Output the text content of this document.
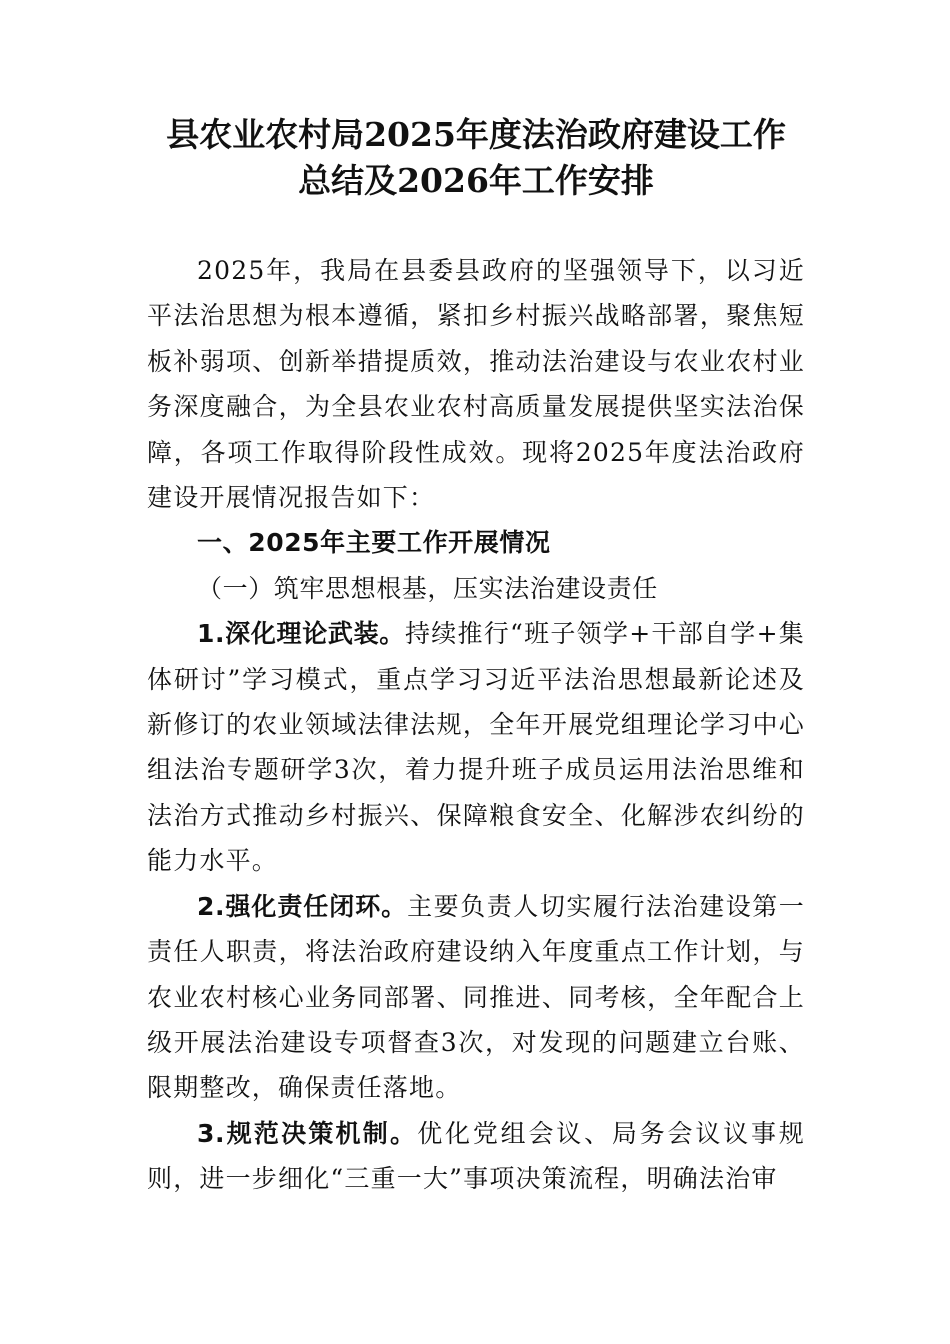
县农业农村局2025年度法治政府建设工作
总结及2026年工作安排

2025年，我局在县委县政府的坚强领导下，以习近平法治思想为根本遵循，紧扣乡村振兴战略部署，聚焦短板补弱项、创新举措提质效，推动法治建设与农业农村业务深度融合，为全县农业农村高质量发展提供坚实法治保障，各项工作取得阶段性成效。现将2025年度法治政府建设开展情况报告如下：

一、2025年主要工作开展情况

（一）筑牢思想根基，压实法治建设责任

1.深化理论武装。持续推行“班子领学+干部自学+集体研讨”学习模式，重点学习习近平法治思想最新论述及新修订的农业领域法律法规，全年开展党组理论学习中心组法治专题研学3次，着力提升班子成员运用法治思维和法治方式推动乡村振兴、保障粮食安全、化解涉农纠纷的能力水平。

2.强化责任闭环。主要负责人切实履行法治建设第一责任人职责，将法治政府建设纳入年度重点工作计划，与农业农村核心业务同部署、同推进、同考核，全年配合上级开展法治建设专项督查3次，对发现的问题建立台账、限期整改，确保责任落地。

3.规范决策机制。优化党组会议、局务会议议事规则，进一步细化“三重一大”事项决策流程，明确法治审
